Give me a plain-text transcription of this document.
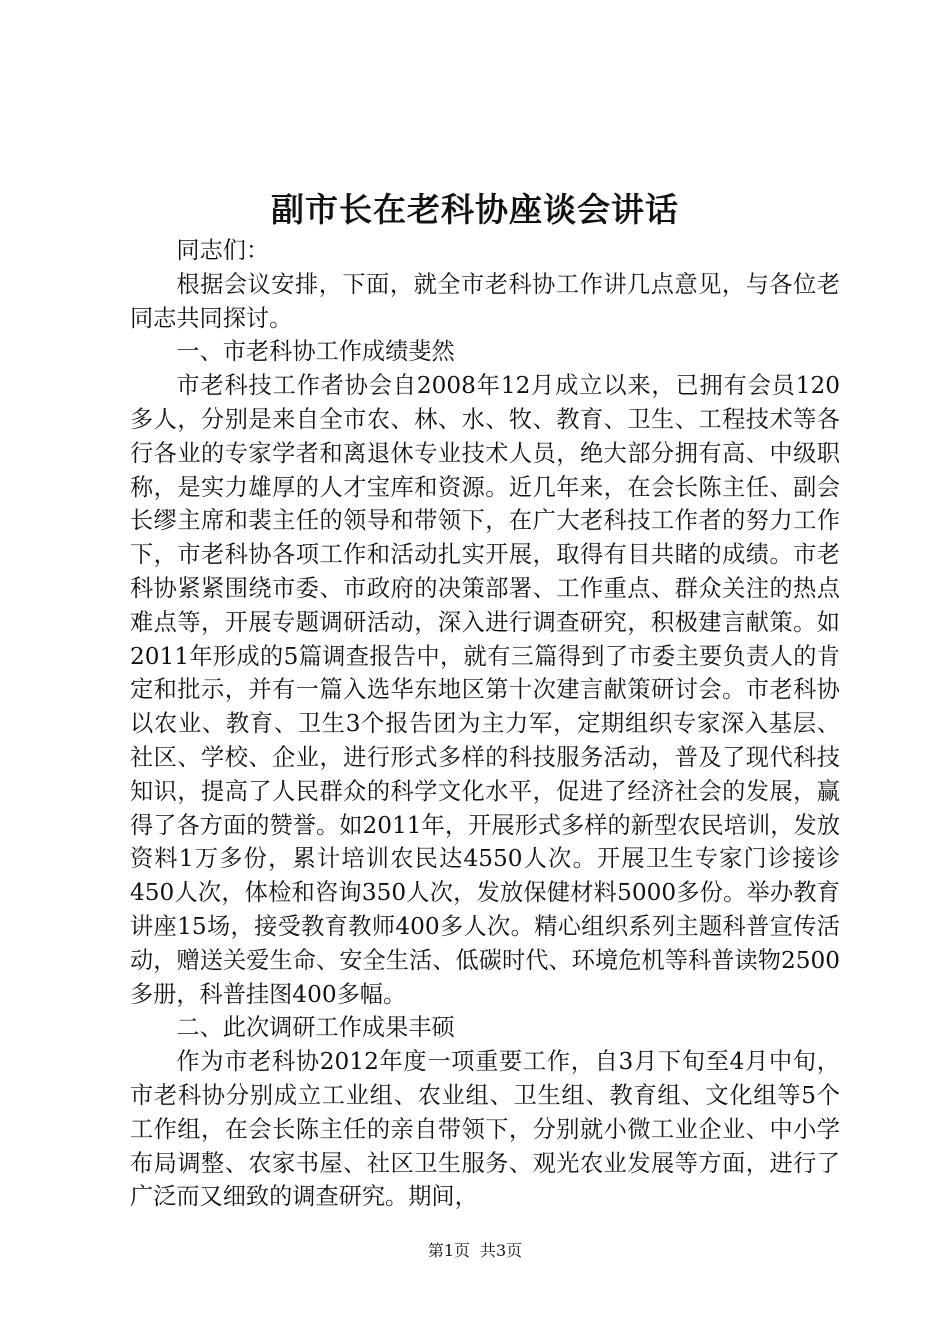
副市长在老科协座谈会讲话

同志们：

根据会议安排，下面，就全市老科协工作讲几点意见，与各位老同志共同探讨。

一、市老科协工作成绩斐然

市老科技工作者协会自2008年12月成立以来，已拥有会员120多人，分别是来自全市农、林、水、牧、教育、卫生、工程技术等各行各业的专家学者和离退休专业技术人员，绝大部分拥有高、中级职称，是实力雄厚的人才宝库和资源。近几年来，在会长陈主任、副会长缪主席和裴主任的领导和带领下，在广大老科技工作者的努力工作下，市老科协各项工作和活动扎实开展，取得有目共睹的成绩。市老科协紧紧围绕市委、市政府的决策部署、工作重点、群众关注的热点难点等，开展专题调研活动，深入进行调查研究，积极建言献策。如2011年形成的5篇调查报告中，就有三篇得到了市委主要负责人的肯定和批示，并有一篇入选华东地区第十次建言献策研讨会。市老科协以农业、教育、卫生3个报告团为主力军，定期组织专家深入基层、社区、学校、企业，进行形式多样的科技服务活动，普及了现代科技知识，提高了人民群众的科学文化水平，促进了经济社会的发展，赢得了各方面的赞誉。如2011年，开展形式多样的新型农民培训，发放资料1万多份，累计培训农民达4550人次。开展卫生专家门诊接诊450人次，体检和咨询350人次，发放保健材料5000多份。举办教育讲座15场，接受教育教师400多人次。精心组织系列主题科普宣传活动，赠送关爱生命、安全生活、低碳时代、环境危机等科普读物2500多册，科普挂图400多幅。

二、此次调研工作成果丰硕

作为市老科协2012年度一项重要工作，自3月下旬至4月中旬，市老科协分别成立工业组、农业组、卫生组、教育组、文化组等5个工作组，在会长陈主任的亲自带领下，分别就小微工业企业、中小学布局调整、农家书屋、社区卫生服务、观光农业发展等方面，进行了广泛而又细致的调查研究。期间，

第1页 共3页
